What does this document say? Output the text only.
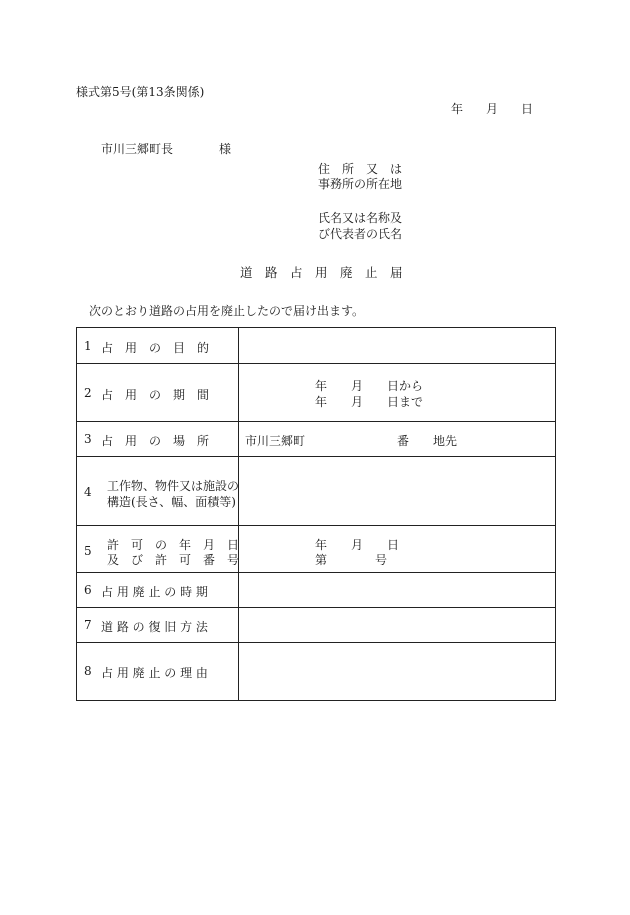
様式第5号(第13条関係)
年 月 日
市川三郷町長	様
住　所　又　は
事務所の所在地
氏名又は名称及
び代表者の氏名
道　路　占　用　廃　止　届
次のとおり道路の占用を廃止したので届け出ます。
1 占　用　の　目　的	

2 占　用　の　期　間	年　　月　　日から
年　　月　　日まで

3 占　用　の　場　所	市川三郷町 番　　地先

4 工作物、物件又は施設の
構造(長さ、幅、面積等)	

5 許　可　の　年　月　日
及　び　許　可　番　号	年　　月　　日
第　　　　号

6 占 用 廃 止 の 時 期	

7 道 路 の 復 旧 方 法	

8 占 用 廃 止 の 理 由	
